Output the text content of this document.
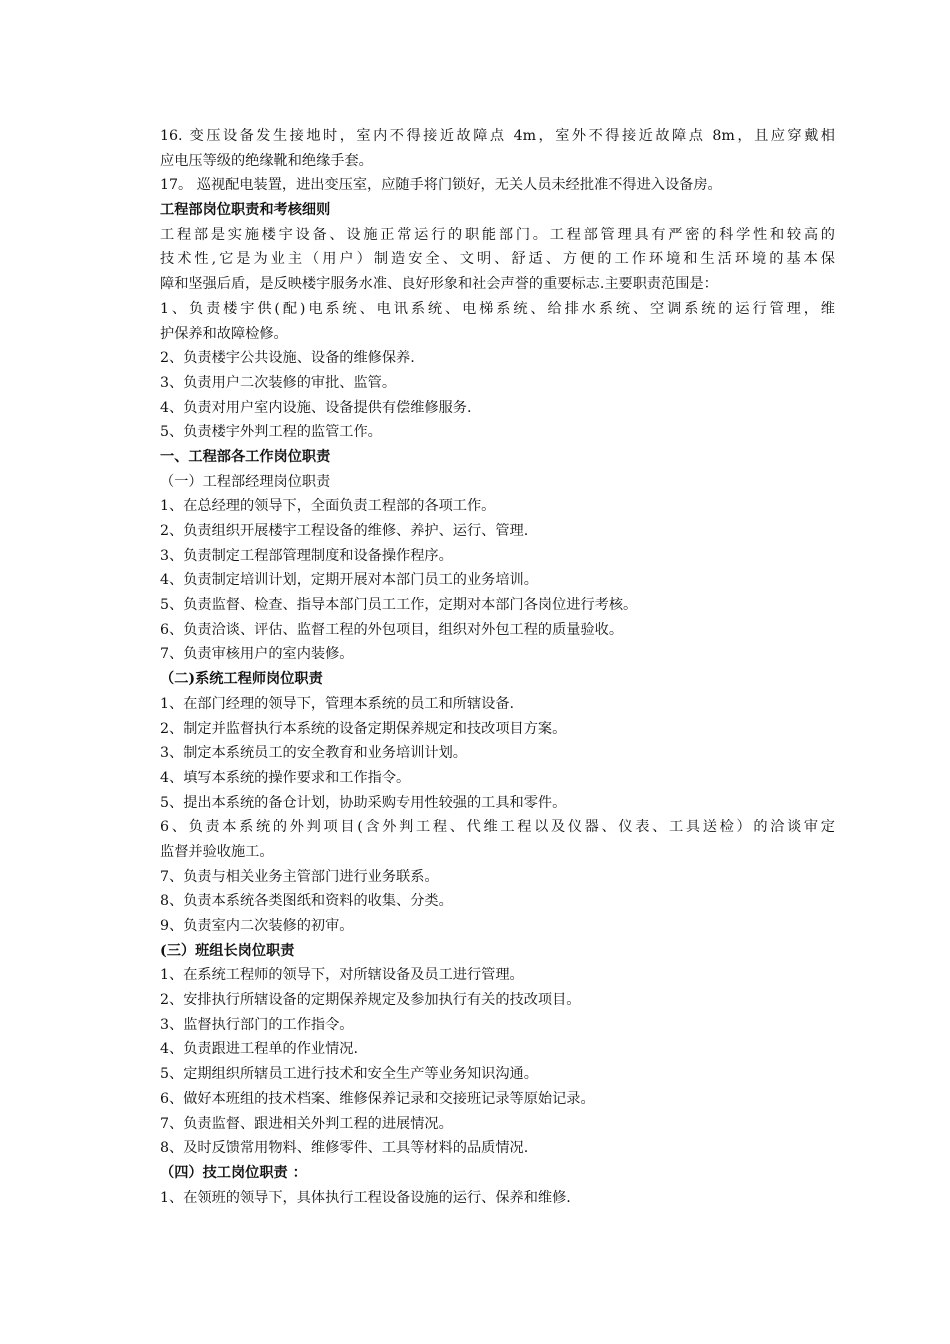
16. 变压设备发生接地时，室内不得接近故障点 4m，室外不得接近故障点 8m，且应穿戴相
应电压等级的绝缘靴和绝缘手套。
17。 巡视配电装置，进出变压室，应随手将门锁好，无关人员未经批准不得进入设备房。
工程部岗位职责和考核细则
工程部是实施楼宇设备、设施正常运行的职能部门。工程部管理具有严密的科学性和较高的
技术性,它是为业主（用户）制造安全、文明、舒适、方便的工作环境和生活环境的基本保
障和坚强后盾，是反映楼宇服务水准、良好形象和社会声誉的重要标志.主要职责范围是：
1、负责楼宇供(配)电系统、电讯系统、电梯系统、给排水系统、空调系统的运行管理，维
护保养和故障检修。
2、负责楼宇公共设施、设备的维修保养.
3、负责用户二次装修的审批、监管。
4、负责对用户室内设施、设备提供有偿维修服务.
5、负责楼宇外判工程的监管工作。
一、工程部各工作岗位职责
（一）工程部经理岗位职责
1、在总经理的领导下，全面负责工程部的各项工作。
2、负责组织开展楼宇工程设备的维修、养护、运行、管理.
3、负责制定工程部管理制度和设备操作程序。
4、负责制定培训计划，定期开展对本部门员工的业务培训。
5、负责监督、检查、指导本部门员工工作，定期对本部门各岗位进行考核。
6、负责洽谈、评估、监督工程的外包项目，组织对外包工程的质量验收。
7、负责审核用户的室内装修。
（二)系统工程师岗位职责
1、在部门经理的领导下，管理本系统的员工和所辖设备.
2、制定并监督执行本系统的设备定期保养规定和技改项目方案。
3、制定本系统员工的安全教育和业务培训计划。
4、填写本系统的操作要求和工作指令。
5、提出本系统的备仓计划，协助采购专用性较强的工具和零件。
6、负责本系统的外判项目(含外判工程、代维工程以及仪器、仪表、工具送检）的洽谈审定
监督并验收施工。
7、负责与相关业务主管部门进行业务联系。
8、负责本系统各类图纸和资料的收集、分类。
9、负责室内二次装修的初审。
(三）班组长岗位职责
1、在系统工程师的领导下，对所辖设备及员工进行管理。
2、安排执行所辖设备的定期保养规定及参加执行有关的技改项目。
3、监督执行部门的工作指令。
4、负责跟进工程单的作业情况.
5、定期组织所辖员工进行技术和安全生产等业务知识沟通。
6、做好本班组的技术档案、维修保养记录和交接班记录等原始记录。
7、负责监督、跟进相关外判工程的进展情况。
8、及时反馈常用物料、维修零件、工具等材料的品质情况.
（四）技工岗位职责 ：
1、在领班的领导下，具体执行工程设备设施的运行、保养和维修.
